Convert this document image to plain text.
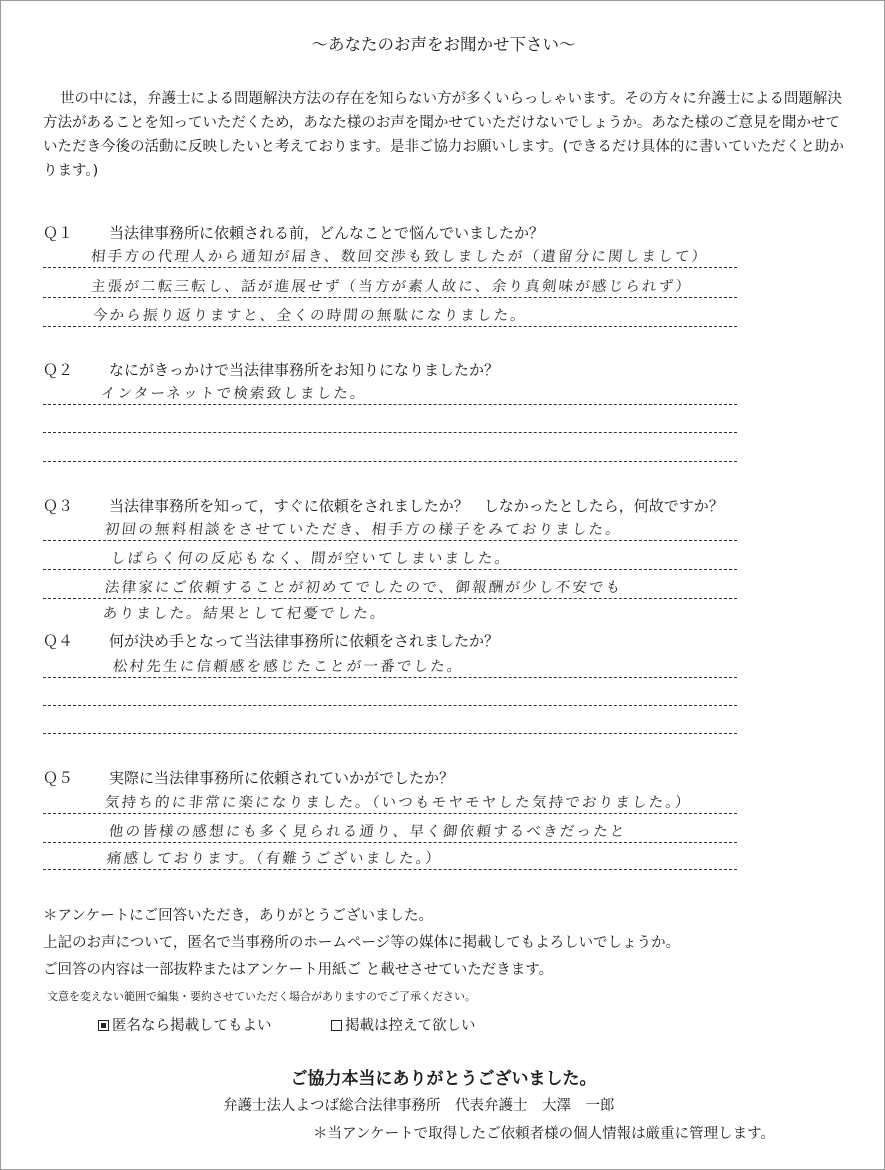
～あなたのお声をお聞かせ下さい～

世の中には，弁護士による問題解決方法の存在を知らない方が多くいらっしゃいます。その方々に弁護士による問題解決方法があることを知っていただくため，あなた様のお声を聞かせていただけないでしょうか。あなた様のご意見を聞かせていただき今後の活動に反映したいと考えております。是非ご協力お願いします。(できるだけ具体的に書いていただくと助かります。)

Ｑ１ 当法律事務所に依頼される前，どんなことで悩んでいましたか？
相手方の代理人から通知が届き、数回交渉も致しましたが（遺留分に関しまして）
主張が二転三転し、話が進展せず（当方が素人故に、余り真剣味が感じられず）
今から振り返りますと、全くの時間の無駄になりました。
Ｑ２ なにがきっかけで当法律事務所をお知りになりましたか？
インターネットで検索致しました。
Ｑ３ 当法律事務所を知って，すぐに依頼をされましたか？　しなかったとしたら，何故ですか？
初回の無料相談をさせていただき、相手方の様子をみておりました。
しばらく何の反応もなく、間が空いてしまいました。
法律家にご依頼することが初めてでしたので、御報酬が少し不安でも
ありました。結果として杞憂でした。
Ｑ４ 何が決め手となって当法律事務所に依頼をされましたか？
松村先生に信頼感を感じたことが一番でした。
Ｑ５ 実際に当法律事務所に依頼されていかがでしたか？
気持ち的に非常に楽になりました。（いつもモヤモヤした気持でおりました。）
他の皆様の感想にも多く見られる通り、早く御依頼するべきだったと
痛感しております。（有難うございました。）
＊アンケートにご回答いただき，ありがとうございました。
上記のお声について，匿名で当事務所のホームページ等の媒体に掲載してもよろしいでしょうか。
ご回答の内容は一部抜粋またはアンケート用紙ご と載せさせていただきます。
文意を変えない範囲で編集・要約させていただく場合がありますのでご了承ください。
匿名なら掲載してもよい	掲載は控えて欲しい
ご協力本当にありがとうございました。
弁護士法人よつば総合法律事務所　代表弁護士　大澤　一郎
＊当アンケートで取得したご依頼者様の個人情報は厳重に管理します。
